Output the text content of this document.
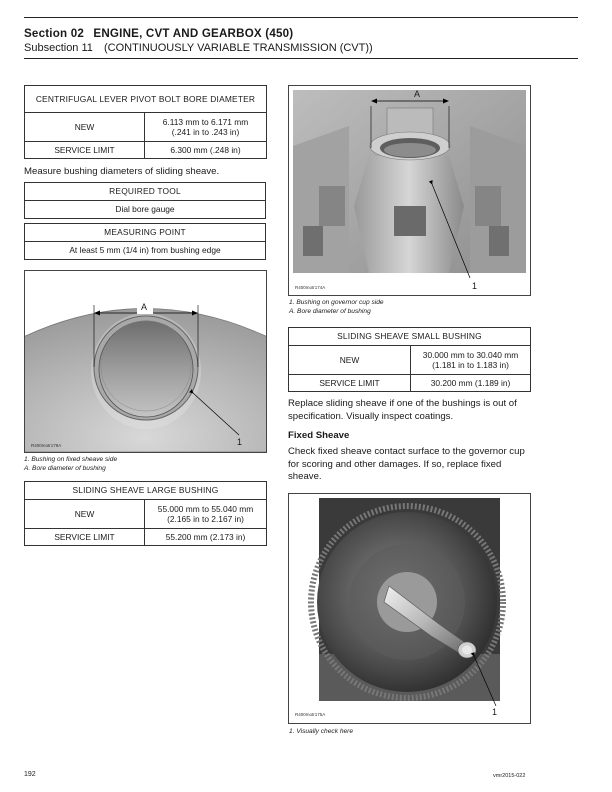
Section 02 ENGINE, CVT AND GEARBOX (450)
Subsection 11 (CONTINUOUSLY VARIABLE TRANSMISSION (CVT))
CENTRIFUGAL LEVER PIVOT BOLT BORE DIAMETER	
NEW	6.113 mm to 6.171 mm
(.241 in to .243 in)

SERVICE LIMIT	6.300 mm (.248 in)
Measure bushing diameters of sliding sheave.
REQUIRED TOOL
Dial bore gauge
MEASURING POINT
At least 5 mm (1/4 in) from bushing edge
A
1
R400motr179A
1. Bushing on fixed sheave side
A. Bore diameter of bushing
SLIDING SHEAVE LARGE BUSHING	
NEW	55.000 mm to 55.040 mm
(2.165 in to 2.167 in)

SERVICE LIMIT	55.200 mm (2.173 in)
A
1
R400motr174A
1. Bushing on governor cup side
A. Bore diameter of bushing
SLIDING SHEAVE SMALL BUSHING	
NEW	30.000 mm to 30.040 mm
(1.181 in to 1.183 in)

SERVICE LIMIT	30.200 mm (1.189 in)
Replace sliding sheave if one of the bushings is out of specification. Visually inspect coatings.
Fixed Sheave
Check fixed sheave contact surface to the governor cup for scoring and other damages. If so, replace fixed sheave.
1
R400motr175A
1. Visually check here
192	vmr2015-022
